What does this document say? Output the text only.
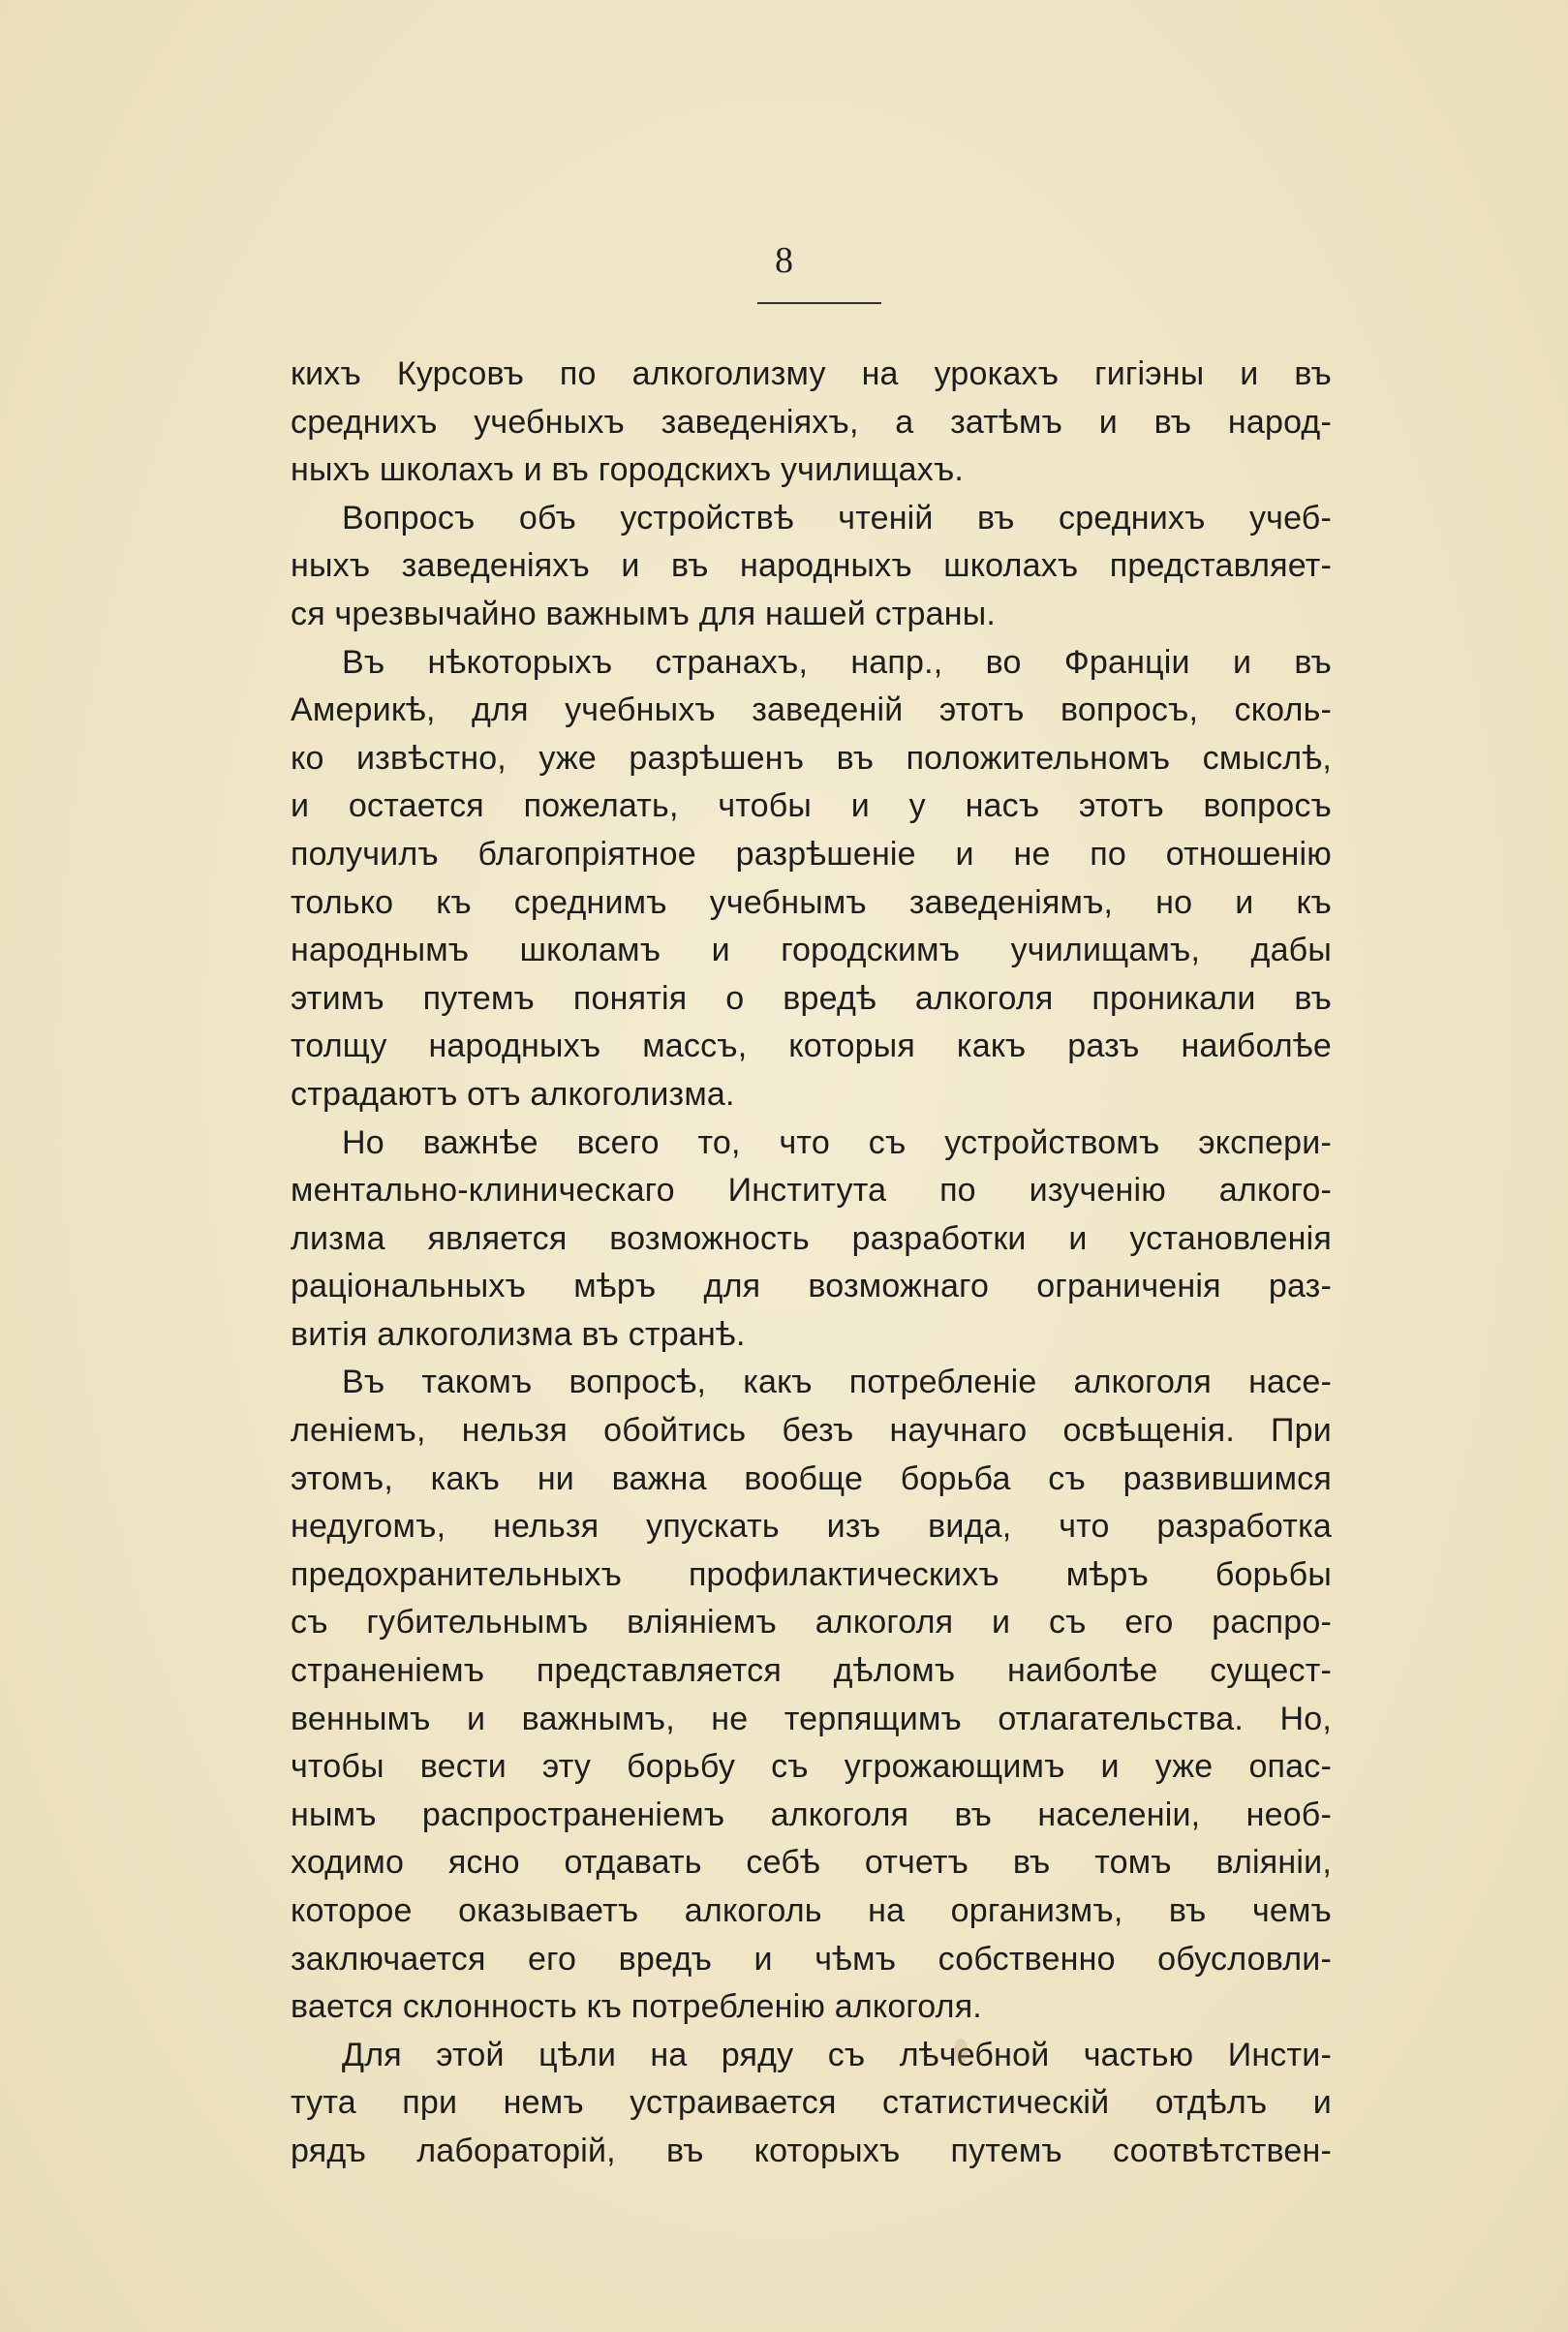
8
кихъ Курсовъ по алкоголизму на урокахъ гигіэны и въ
среднихъ учебныхъ заведеніяхъ, а затѣмъ и въ народ-
ныхъ школахъ и въ городскихъ училищахъ.
Вопросъ объ устройствѣ чтеній въ среднихъ учеб-
ныхъ заведеніяхъ и въ народныхъ школахъ представляет-
ся чрезвычайно важнымъ для нашей страны.
Въ нѣкоторыхъ странахъ, напр., во Франціи и въ
Америкѣ, для учебныхъ заведеній этотъ вопросъ, сколь-
ко извѣстно, уже разрѣшенъ въ положительномъ смыслѣ,
и остается пожелать, чтобы и у насъ этотъ вопросъ
получилъ благопріятное разрѣшеніе и не по отношенію
только къ среднимъ учебнымъ заведеніямъ, но и къ
народнымъ школамъ и городскимъ училищамъ, дабы
этимъ путемъ понятія о вредѣ алкоголя проникали въ
толщу народныхъ массъ, которыя какъ разъ наиболѣе
страдаютъ отъ алкоголизма.
Но важнѣе всего то, что съ устройствомъ экспери-
ментально-клиническаго Института по изученію алкого-
лизма является возможность разработки и установленія
раціональныхъ мѣръ для возможнаго ограниченія раз-
витія алкоголизма въ странѣ.
Въ такомъ вопросѣ, какъ потребленіе алкоголя насе-
леніемъ, нельзя обойтись безъ научнаго освѣщенія. При
этомъ, какъ ни важна вообще борьба съ развившимся
недугомъ, нельзя упускать изъ вида, что разработка
предохранительныхъ профилактическихъ мѣръ борьбы
съ губительнымъ вліяніемъ алкоголя и съ его распро-
страненіемъ представляется дѣломъ наиболѣе сущест-
веннымъ и важнымъ, не терпящимъ отлагательства. Но,
чтобы вести эту борьбу съ угрожающимъ и уже опас-
нымъ распространеніемъ алкоголя въ населеніи, необ-
ходимо ясно отдавать себѣ отчетъ въ томъ вліяніи,
которое оказываетъ алкоголь на организмъ, въ чемъ
заключается его вредъ и чѣмъ собственно обусловли-
вается склонность къ потребленію алкоголя.
Для этой цѣли на ряду съ лѣчебной частью Инсти-
тута при немъ устраивается статистическій отдѣлъ и
рядъ лабораторій, въ которыхъ путемъ соотвѣтствен-
